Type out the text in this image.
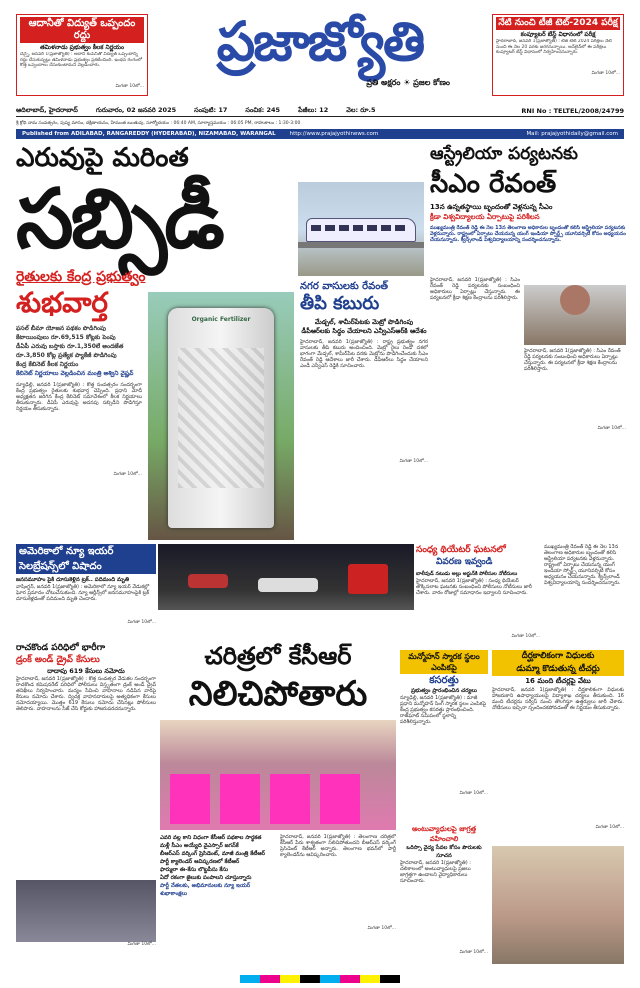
ఆదానీతో విద్యుత్ ఒప్పందం రద్దు
తమిళనాడు ప్రభుత్వం కీలక నిర్ణయం
చెన్నై, జనవరి 1(ప్రజాజ్యోతి) : అదానీ కంపెనీతో విద్యుత్ ఒప్పందాన్ని రద్దు చేసుకున్నట్లు తమిళనాడు ప్రభుత్వం ప్రకటించింది. ఇంధన రంగంలో కొత్త ఒప్పందాలు చేసుకుంటామని వెల్లడించారు.
మిగతా 10లో...
ప్రజాజ్యోతి
ప్రతి అక్షరం ☀ ప్రజల కోణం
నేటి నుంచి టీజీ టెట్-2024 పరీక్ష
కంప్యూటర్ బేస్డ్ విధానంలో పరీక్ష
హైదరాబాద్, జనవరి 1(ప్రజాజ్యోతి) : టీజీ టెట్ 2024 పరీక్షలు నేటి నుంచి ఈ నెల 20 వరకు జరగనున్నాయి. ఆన్‌లైన్‌లో ఈ పరీక్షలు కంప్యూటర్ బేస్డ్ విధానంలో నిర్వహించనున్నారు.
మిగతా 10లో...
ఆదిలాబాద్, హైదరాబాద్	గురువారం, 02 జనవరి 2025	సంపుటి: 17	సంచిక: 245	పేజీలు: 12	వెల: రూ.5	RNI No : TELTEL/2008/24799
శ్రీ క్రోధి నామ సంవత్సరం, పుష్య మాసం, దక్షిణాయనం, హేమంత ఋతువు, సూర్యోదయం : 06:40 AM, సూర్యాస్తమయం : 06:05 PM, రాహుకాలం : 1:30-3:00
Published from ADILABAD, RANGAREDDY (HYDERABAD), NIZAMABAD, WARANGAL	http://www.prajajyothinews.com	Mail: prajajyothidaily@gmail.com
ఎరువుపై మరింత
సబ్సిడీ
రైతులకు కేంద్ర ప్రభుత్వం
శుభవార్త
ఫసల్ బీమా యోజన పథకం పొడిగింపు
కేటాయింపులు రూ.69,515 కోట్లకు పెంపు
డీఏపీ ఎరువు బస్తాకు రూ.1,350లే అందజేత
రూ.3,850 కోట్ల ప్రత్యేక ప్యాకేజీ పొడిగింపు
కేంద్ర కేబినెట్ కీలక నిర్ణయం
కేబినెట్ నిర్ణయాలు వెల్లడించిన మంత్రి అశ్విని వైష్ణవ్
న్యూఢిల్లీ, జనవరి 1(ప్రజాజ్యోతి) : కొత్త సంవత్సరం సందర్భంగా కేంద్ర ప్రభుత్వం రైతులకు శుభవార్త చెప్పింది. ప్రధాని మోదీ అధ్యక్షతన జరిగిన కేంద్ర కేబినెట్ సమావేశంలో కీలక నిర్ణయాలు తీసుకున్నారు. డీఏపీ ఎరువుపై అదనపు సబ్సిడీని పొడిగిస్తూ నిర్ణయం తీసుకున్నారు.
మిగతా 10లో...
Organic Fertilizer
నగర వాసులకు రేవంత్
తీపి కబురు
మేడ్చల్, శామీర్‌పేటకు మెట్రో పొడిగింపు డీపీఆర్‌లకు సిద్ధం చేయాలని ఎన్వీఎస్ఆర్‌కి ఆదేశం
హైదరాబాద్, జనవరి 1(ప్రజాజ్యోతి) : రాష్ట్ర ప్రభుత్వం నగర వాసులకు తీపి కబురు అందించింది. మెట్రో రైలు రెండో దశలో భాగంగా మేడ్చల్, శామీర్‌పేట వరకు మెట్రోను పొడిగించేందుకు సీఎం రేవంత్ రెడ్డి ఆదేశాలు జారీ చేశారు. డీపీఆర్‌లు సిద్ధం చేయాలని ఎండీ ఎన్వీఎస్ రెడ్డికి సూచించారు.
మిగతా 10లో...
ఆస్ట్రేలియా పర్యటనకు
సీఎం రేవంత్
13న ఉన్నతస్థాయి బృందంతో వెళ్లనున్న సీఎం
క్రీడా విశ్వవిద్యాలయ ఏర్పాటుపై పరిశీలన
ముఖ్యమంత్రి రేవంత్ రెడ్డి ఈ నెల 13న తెలంగాణ అధికారుల బృందంతో కలిసి ఆస్ట్రేలియా పర్యటనకు వెళ్లనున్నారు. రాష్ట్రంలో ఏర్పాటు చేయనున్న యంగ్ ఇండియా స్పోర్ట్స్ యూనివర్సిటీ కోసం అధ్యయనం చేయనున్నారు. క్వీన్స్‌లాండ్ విశ్వవిద్యాలయాన్ని సందర్శించనున్నారు.
హైదరాబాద్, జనవరి 1(ప్రజాజ్యోతి) : సీఎం రేవంత్ రెడ్డి పర్యటనకు సంబంధించి అధికారులు ఏర్పాట్లు చేస్తున్నారు. ఈ పర్యటనలో క్రీడా శిక్షణ కేంద్రాలను పరిశీలిస్తారు.
హైదరాబాద్, జనవరి 1(ప్రజాజ్యోతి) : సీఎం రేవంత్ రెడ్డి పర్యటనకు సంబంధించి అధికారులు ఏర్పాట్లు చేస్తున్నారు. ఈ పర్యటనలో క్రీడా శిక్షణ కేంద్రాలను పరిశీలిస్తారు.
మిగతా 10లో...
అమెరికాలో న్యూ ఇయర్
సెలబ్రేషన్స్‌లో విషాదం
జనసమూహం పైకి దూసుకెళ్లిన ట్రక్.. పదిమంది మృతి
వాషింగ్టన్, జనవరి 1(ప్రజాజ్యోతి) : అమెరికాలో న్యూ ఇయర్ వేడుకల్లో ఘోర ప్రమాదం చోటుచేసుకుంది. న్యూ ఆర్లీన్స్‌లో జనసమూహంపైకి ట్రక్ దూసుకెళ్లడంతో పదిమంది మృతి చెందారు.
మిగతా 10లో...
సంధ్య థియేటర్ ఘటనలో
వివరణ ఇవ్వండి
బాలీవుడ్ నటుడు అల్లు అర్జున్‌కి పోలీసుల నోటీసులు
హైదరాబాద్, జనవరి 1(ప్రజాజ్యోతి) : సంధ్య థియేటర్ తొక్కిసలాట ఘటనకు సంబంధించి పోలీసులు నోటీసులు జారీ చేశారు. వారం రోజుల్లో సమాధానం ఇవ్వాలని సూచించారు.
మిగతా 10లో...
ముఖ్యమంత్రి రేవంత్ రెడ్డి ఈ నెల 13న తెలంగాణ అధికారుల బృందంతో కలిసి ఆస్ట్రేలియా పర్యటనకు వెళ్లనున్నారు. రాష్ట్రంలో ఏర్పాటు చేయనున్న యంగ్ ఇండియా స్పోర్ట్స్ యూనివర్సిటీ కోసం అధ్యయనం చేయనున్నారు. క్వీన్స్‌లాండ్ విశ్వవిద్యాలయాన్ని సందర్శించనున్నారు.
రాచకొండ పరిధిలో భారీగా
డ్రంక్ అండ్ డ్రైవ్ కేసులు
దాదాపు 619 కేసులు నమోదు
హైదరాబాద్, జనవరి 1(ప్రజాజ్యోతి) : కొత్త సంవత్సర వేడుకల సందర్భంగా రాచకొండ కమిషనరేట్ పరిధిలో పోలీసులు విస్తృతంగా డ్రంక్ అండ్ డ్రైవ్ తనిఖీలు నిర్వహించారు. మద్యం సేవించి వాహనాలు నడిపిన వారిపై కేసులు నమోదు చేశారు. ద్విచక్ర వాహనదారులపై అత్యధికంగా కేసులు నమోదయ్యాయి. మొత్తం 619 కేసులు నమోదు చేసినట్లు పోలీసులు తెలిపారు. వాహనాలను సీజ్ చేసి కోర్టుకు హాజరుపరచనున్నారు.
మిగతా 10లో...
చరిత్రలో కేసీఆర్
నిలిచిపోతారు
ఎవరి వల్ల కాని విధంగా కేసీఆర్ పథకాల సార్థకత
మళ్లీ సీఎం అయ్యేది వైఎస్సార్ జగన్‌కే
బీఆర్ఎస్ వర్కింగ్ ప్రెసిడెంట్, మాజీ మంత్రి కేటీఆర్
పార్టీ క్యాలెండర్ ఆవిష్కరణలో కేటీఆర్
ఫార్ములా ఈ-కేసు లొట్టపీసు కేసు
ఏదో రకంగా జైలుకు పంపాలని చూస్తున్నారు
పార్టీ నేతలకు, అభిమానులకు న్యూ ఇయర్ శుభాకాంక్షలు
హైదరాబాద్, జనవరి 1(ప్రజాజ్యోతి) : తెలంగాణ చరిత్రలో కేసీఆర్ పేరు శాశ్వతంగా నిలిచిపోతుందని బీఆర్ఎస్ వర్కింగ్ ప్రెసిడెంట్ కేటీఆర్ అన్నారు. తెలంగాణ భవన్‌లో పార్టీ క్యాలెండర్‌ను ఆవిష్కరించారు.
మిగతా 10లో...
మన్మోహన్ స్మారక స్థలం ఎంపికపై
కసరత్తు
ప్రభుత్వం ప్రారంభించిన చర్యలు
న్యూఢిల్లీ, జనవరి 1(ప్రజాజ్యోతి) : మాజీ ప్రధాని మన్మోహన్ సింగ్ స్మారక స్థలం ఎంపికపై కేంద్ర ప్రభుత్వం కసరత్తు ప్రారంభించింది. రాజ్‌ఘాట్ సమీపంలో స్థలాన్ని పరిశీలిస్తున్నారు.
మిగతా 10లో...
దీర్ఘకాలికంగా విధులకు
డుమ్మా కొడుతున్న టీచర్లు
16 మంది టీచర్లపై వేటు
హైదరాబాద్, జనవరి 1(ప్రజాజ్యోతి) : దీర్ఘకాలికంగా విధులకు హాజరుకాని ఉపాధ్యాయులపై విద్యాశాఖ చర్యలు తీసుకుంది. 16 మంది టీచర్లను సర్వీస్ నుంచి తొలగిస్తూ ఉత్తర్వులు జారీ చేశారు. నోటీసులు ఇచ్చినా స్పందించకపోవడంతో ఈ నిర్ణయం తీసుకున్నారు.
మిగతా 10లో...
అంటువ్యాధులపై జాగ్రత్త
వహించాలి
ఒరిస్సా వైద్య సేవల కోసం పౌరులకు సూచన
హైదరాబాద్, జనవరి 1(ప్రజాజ్యోతి) : చలికాలంలో అంటువ్యాధులపై ప్రజలు జాగ్రత్తగా ఉండాలని వైద్యాధికారులు సూచించారు.
మిగతా 10లో...
